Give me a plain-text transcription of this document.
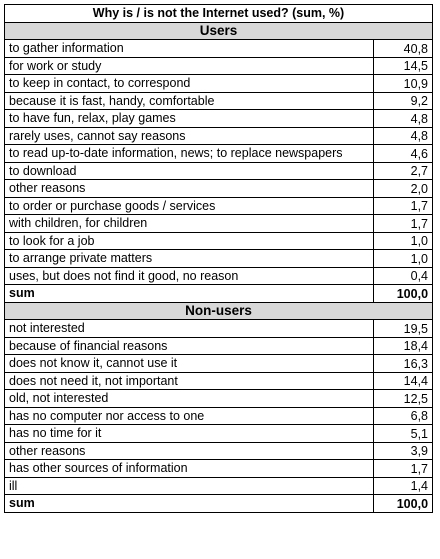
Why is / is not the Internet used? (sum, %)	
Users	
to gather information	40,8
for work or study	14,5
to keep in contact, to correspond	10,9
because it is fast, handy, comfortable	9,2
to have fun, relax, play games	4,8
rarely uses, cannot say reasons	4,8
to read up-to-date information, news; to replace newspapers	4,6
to download	2,7
other reasons	2,0
to order or purchase goods / services	1,7
with children, for children	1,7
to look for a job	1,0
to arrange private matters	1,0
uses, but does not find it good, no reason	0,4
sum	100,0
Non-users	
not interested	19,5
because of financial reasons	18,4
does not know it, cannot use it	16,3
does not need it, not important	14,4
old, not interested	12,5
has no computer nor access to one	6,8
has no time for it	5,1
other reasons	3,9
has other sources of information	1,7
ill	1,4
sum	100,0
